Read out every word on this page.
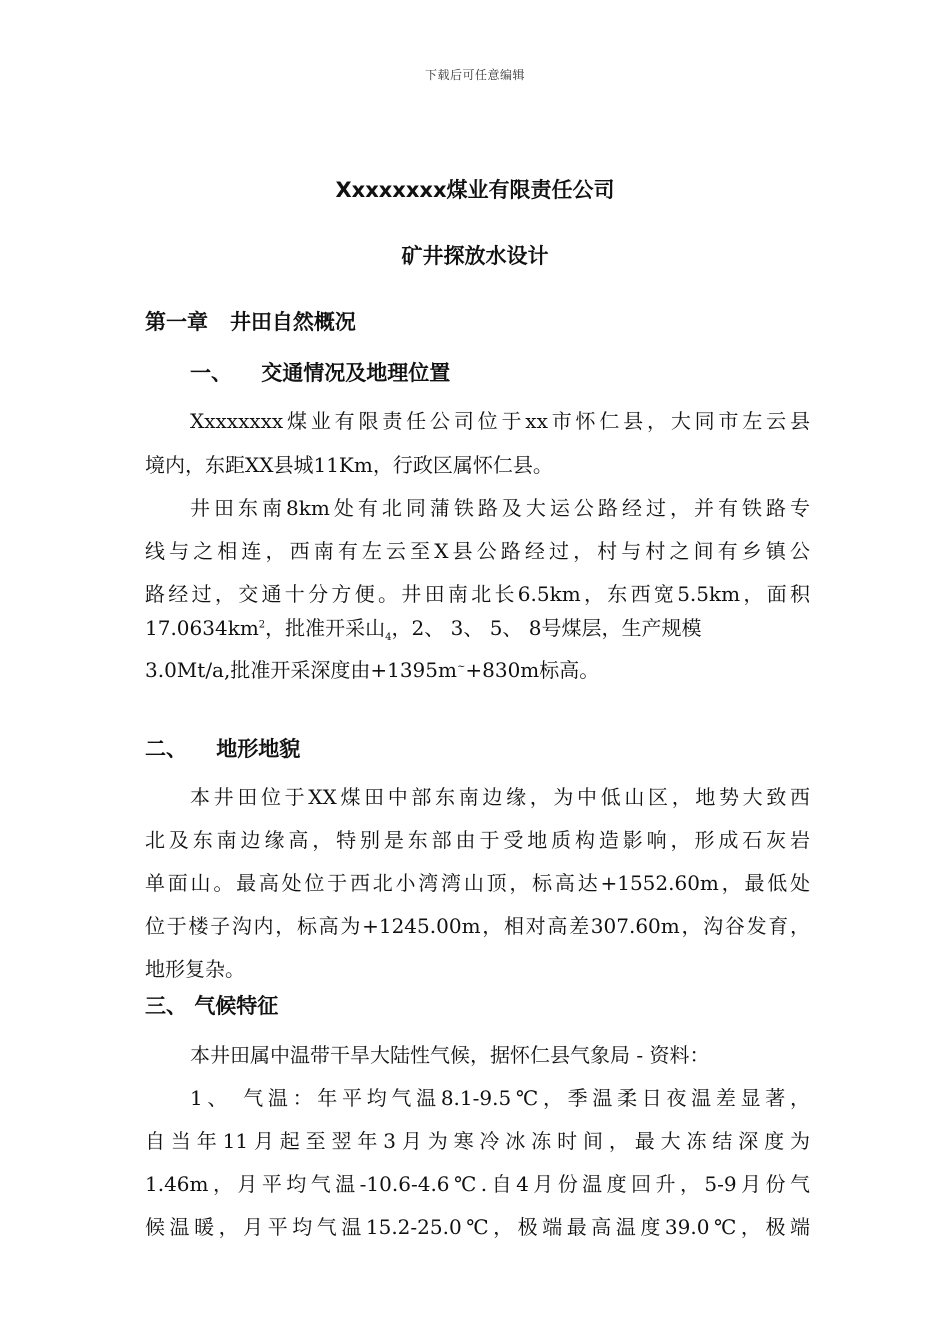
下载后可任意编辑
Xxxxxxxx煤业有限责任公司
矿井探放水设计
第一章 井田自然概况
一、 交通情况及地理位置
Xxxxxxxx煤业有限责任公司位于xx市怀仁县，大同市左云县
境内，东距XX县城11Km，行政区属怀仁县。
井田东南8km处有北同蒲铁路及大运公路经过，并有铁路专
线与之相连，西南有左云至X县公路经过，村与村之间有乡镇公
路经过，交通十分方便。井田南北长6.5km，东西宽5.5km，面积
$17.0634km^2$，批准开采山$_4$，2、 3、 5、 8号煤层，生产规模
3.0Mt/a,批准开采深度由+1395m~+830m标高。
二、 地形地貌
本井田位于XX煤田中部东南边缘，为中低山区，地势大致西
北及东南边缘高，特别是东部由于受地质构造影响，形成石灰岩
单面山。最高处位于西北小湾湾山顶，标高达+1552.60m，最低处
位于楼子沟内，标高为+1245.00m，相对高差307.60m，沟谷发育，
地形复杂。
三、 气候特征
本井田属中温带干旱大陆性气候，据怀仁县气象局 - 资料：
1、 气温：年平均气温8.1-9.5℃，季温柔日夜温差显著，
自当年11月起至翌年3月为寒冷冰冻时间，最大冻结深度为
1.46m，月平均气温-10.6-4.6℃.自4月份温度回升，5-9月份气
候温暖，月平均气温15.2-25.0℃，极端最高温度39.0℃，极端
